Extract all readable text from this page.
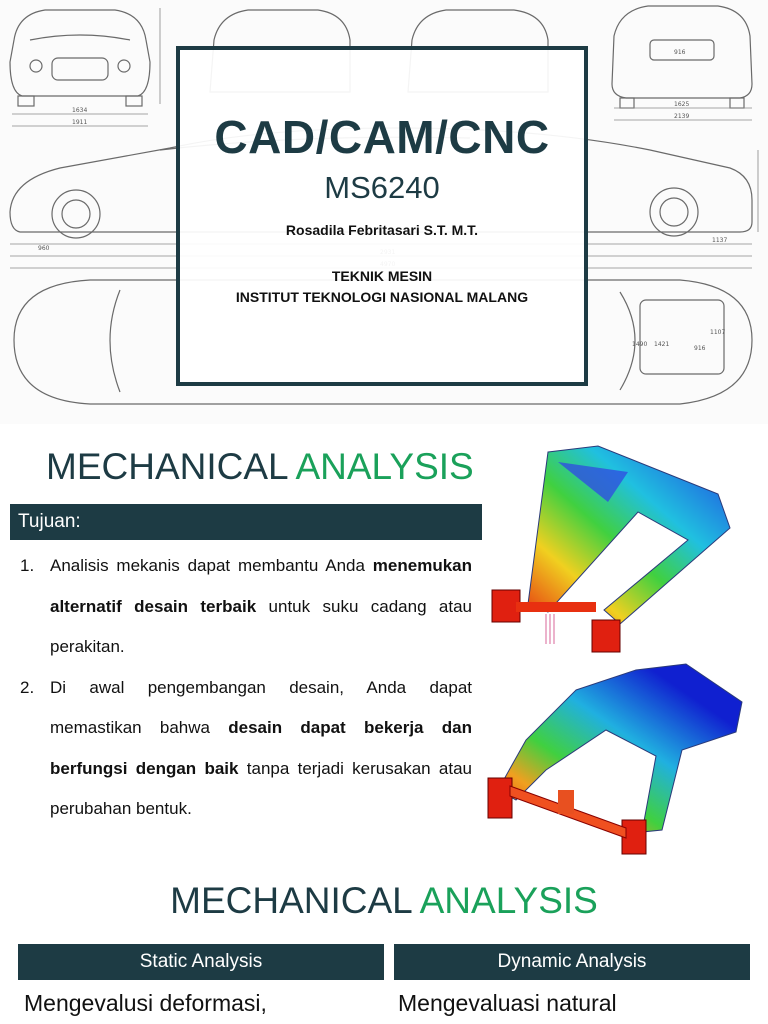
1634
1911
916
1625
2139
960
1137
1421
1490
1107
916
CAD/CAM/CNC
MS6240
Rosadila Febritasari S.T. M.T.
TEKNIK MESIN
INSTITUT TEKNOLOGI NASIONAL MALANG
MECHANICAL ANALYSIS
Tujuan:
1. Analisis mekanis dapat membantu Anda menemukan alternatif desain terbaik untuk suku cadang atau perakitan.
2. Di awal pengembangan desain, Anda dapat memastikan bahwa desain dapat bekerja dan berfungsi dengan baik tanpa terjadi kerusakan atau perubahan bentuk.
MECHANICAL ANALYSIS
Static Analysis	Dynamic Analysis
Mengevalusi deformasi,	Mengevaluasi natural
